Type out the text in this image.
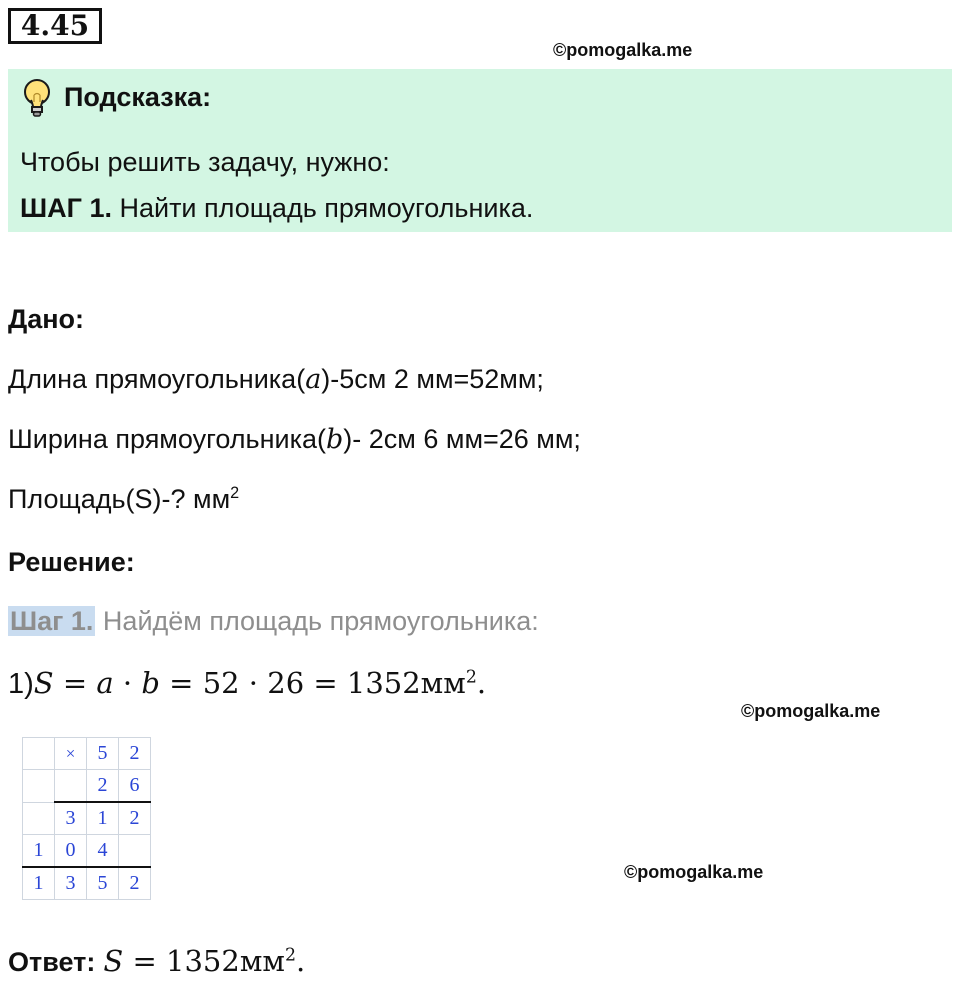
4.45
©pomogalka.me
©pomogalka.me
©pomogalka.me
Подсказка:
Чтобы решить задачу, нужно:
ШАГ 1. Найти площадь прямоугольника.
Дано:
Длина прямоугольника(a)-5см 2 мм=52мм;
Ширина прямоугольника(b)- 2см 6 мм=26 мм;
Площадь(S)-? $мм^2$
Решение:
Шаг 1. Найдём площадь прямоугольника:
$1)S = a \cdot b = 52 \cdot 26 = 1352мм^2$.
	×	5	2
		2	6
	3	1	2
1	0	4	
1	3	5	2
Ответ: $S = 1352мм^2$.
